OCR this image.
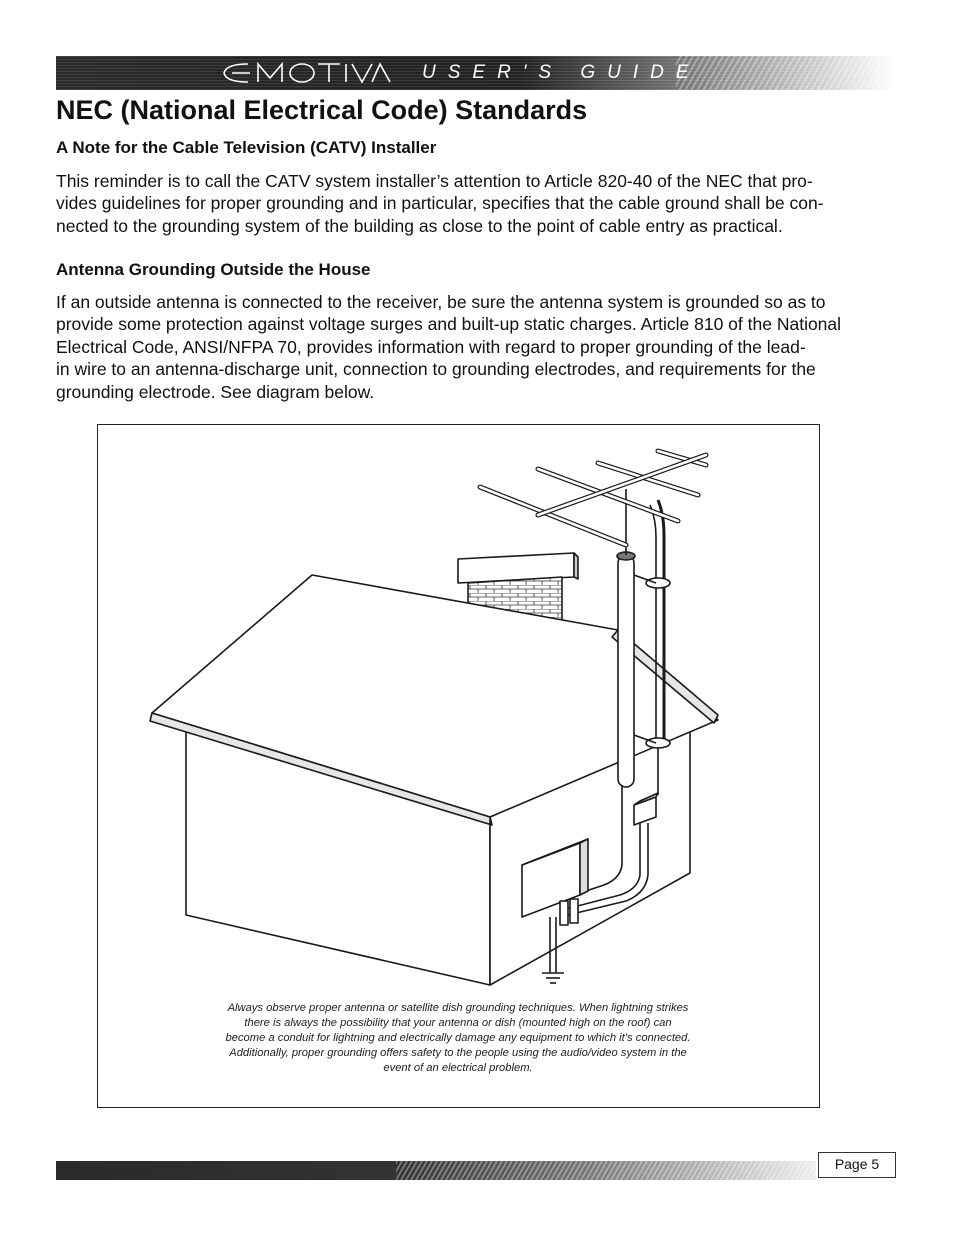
USER'S GUIDE
NEC (National Electrical Code) Standards
A Note for the Cable Television (CATV) Installer

This reminder is to call the CATV system installer’s attention to Article 820-40 of the NEC that pro-
vides guidelines for proper grounding and in particular, specifies that the cable ground shall be con-
nected to the grounding system of the building as close to the point of cable entry as practical.

Antenna Grounding Outside the House

If an outside antenna is connected to the receiver, be sure the antenna system is grounded so as to
provide some protection against voltage surges and built-up static charges. Article 810 of the National
Electrical Code, ANSI/NFPA 70, provides information with regard to proper grounding of the lead-
in wire to an antenna-discharge unit, connection to grounding electrodes, and requirements for the
grounding electrode. See diagram below.

Always observe proper antenna or satellite dish grounding techniques. When lightning strikes
there is always the possibility that your antenna or dish (mounted high on the roof) can
become a conduit for lightning and electrically damage any equipment to which it’s connected.
Additionally, proper grounding offers safety to the people using the audio/video system in the
event of an electrical problem.

Page 5
